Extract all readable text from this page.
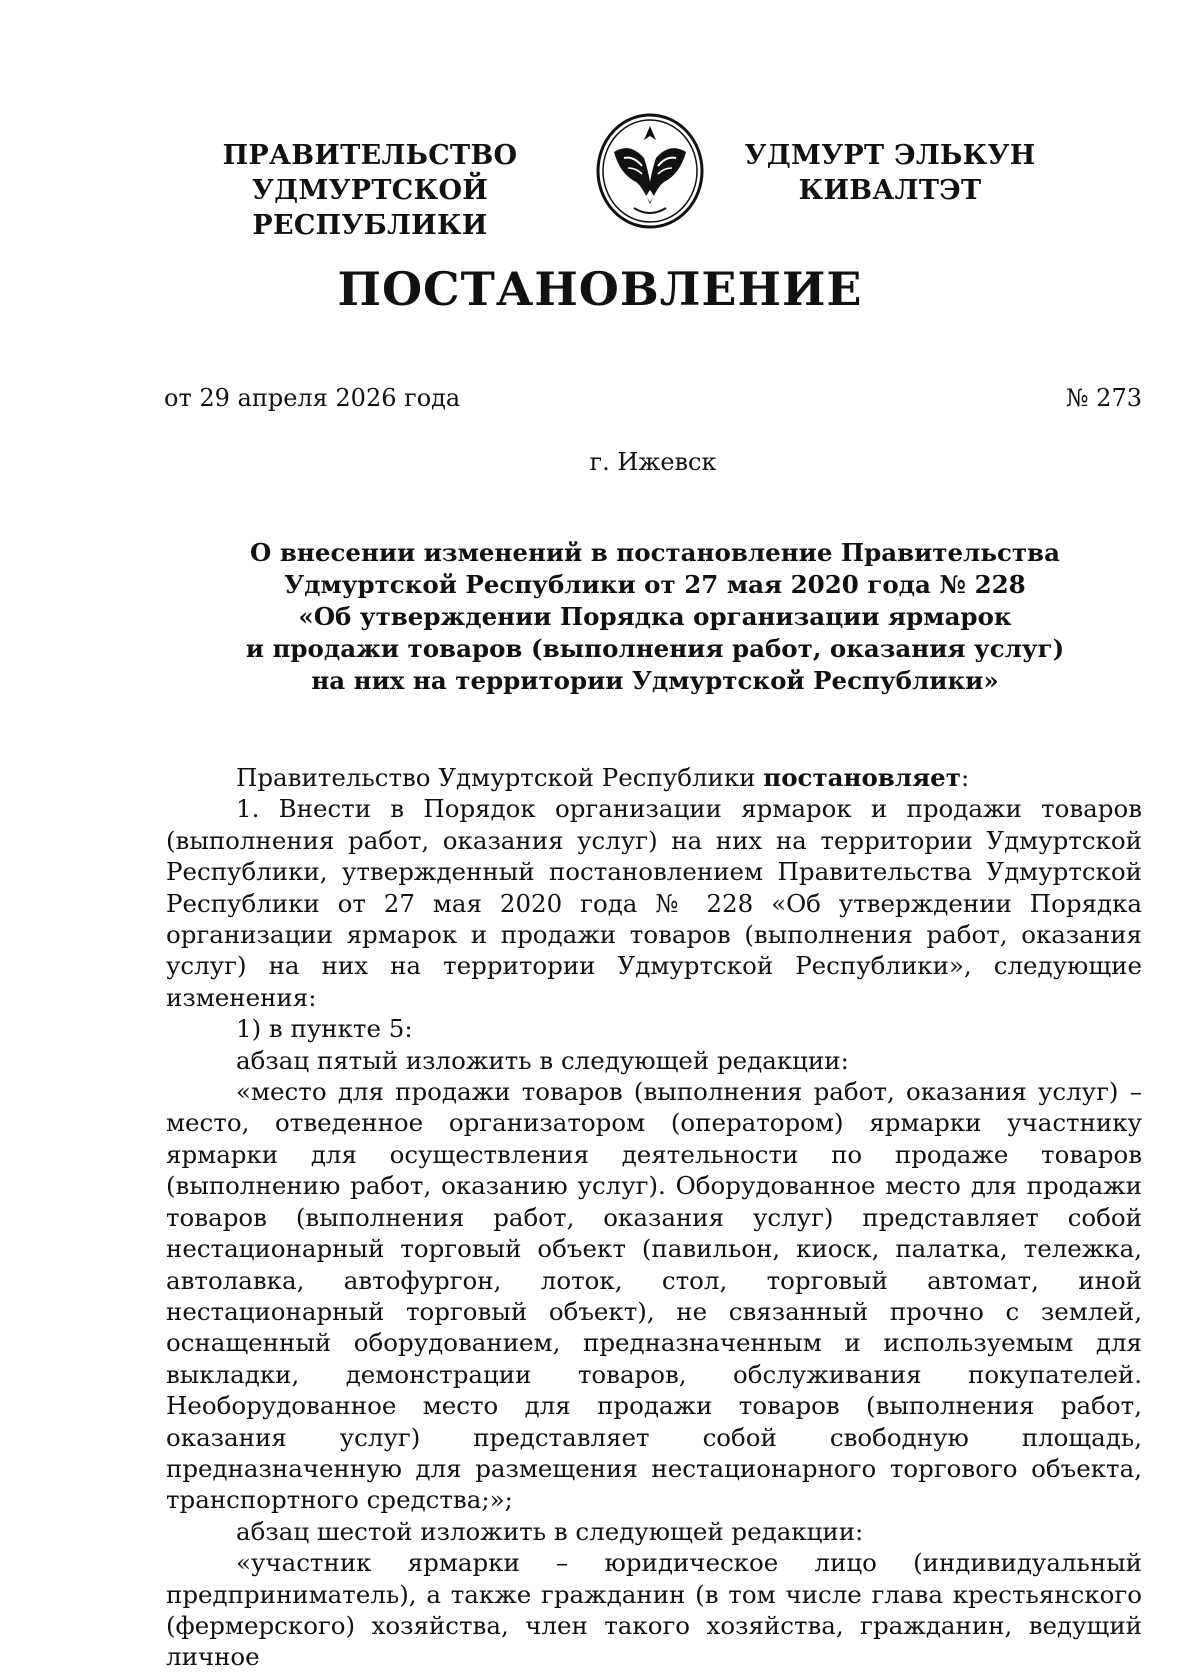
ПРАВИТЕЛЬСТВО
УДМУРТСКОЙ РЕСПУБЛИКИ
УДМУРТ ЭЛЬКУН
КИВАЛТЭТ
ПОСТАНОВЛЕНИЕ
от 29 апреля 2026 года	№ 273
г. Ижевск
О внесении изменений в постановление Правительства
Удмуртской Республики от 27 мая 2020 года № 228
«Об утверждении Порядка организации ярмарок
и продажи товаров (выполнения работ, оказания услуг)
на них на территории Удмуртской Республики»

Правительство Удмуртской Республики постановляет:

1. Внести в Порядок организации ярмарок и продажи товаров (выполнения работ, оказания услуг) на них на территории Удмуртской Республики, утвержденный постановлением Правительства Удмуртской Республики от 27 мая 2020 года № 228 «Об утверждении Порядка организации ярмарок и продажи товаров (выполнения работ, оказания услуг) на них на территории Удмуртской Республики», следующие изменения:

1) в пункте 5:

абзац пятый изложить в следующей редакции:

«место для продажи товаров (выполнения работ, оказания услуг) – место, отведенное организатором (оператором) ярмарки участнику ярмарки для осуществления деятельности по продаже товаров (выполнению работ, оказанию услуг). Оборудованное место для продажи товаров (выполнения работ, оказания услуг) представляет собой нестационарный торговый объект (павильон, киоск, палатка, тележка, автолавка, автофургон, лоток, стол, торговый автомат, иной нестационарный торговый объект), не связанный прочно с землей, оснащенный оборудованием, предназначенным и используемым для выкладки, демонстрации товаров, обслуживания покупателей. Необорудованное место для продажи товаров (выполнения работ, оказания услуг) представляет собой свободную площадь, предназначенную для размещения нестационарного торгового объекта, транспортного средства;»;

абзац шестой изложить в следующей редакции:

«участник ярмарки – юридическое лицо (индивидуальный предприниматель), а также гражданин (в том числе глава крестьянского (фермерского) хозяйства, член такого хозяйства, гражданин, ведущий личное
